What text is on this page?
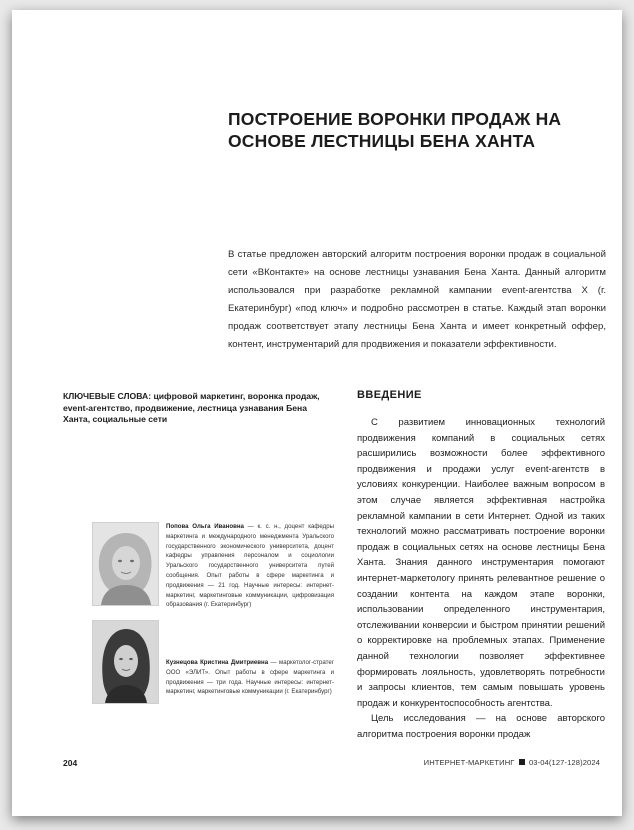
ПОСТРОЕНИЕ ВОРОНКИ ПРОДАЖ НА ОСНОВЕ ЛЕСТНИЦЫ БЕНА ХАНТА

В статье предложен авторский алгоритм построения воронки продаж в социальной сети «ВКонтакте» на основе лестницы узнавания Бена Ханта. Данный алгоритм использовался при разработке рекламной кампании event-агентства Х (г. Екатеринбург) «под ключ» и подробно рассмотрен в статье. Каждый этап воронки продаж соответствует этапу лестницы Бена Ханта и имеет конкретный оффер, контент, инструментарий для продвижения и показатели эффективности.

КЛЮЧЕВЫЕ СЛОВА: цифровой маркетинг, воронка продаж, event-агентство, продвижение, лестница узнавания Бена Ханта, социальные сети

ВВЕДЕНИЕ

С развитием инновационных технологий продвижения компаний в социальных сетях расширились возможности более эффективного продвижения и продажи услуг event-агентств в условиях конкуренции. Наиболее важным вопросом в этом случае является эффективная настройка рекламной кампании в сети Интернет. Одной из таких технологий можно рассматривать построение воронки продаж в социальных сетях на основе лестницы Бена Ханта. Знания данного инструментария помогают интернет-маркетологу принять релевантное решение о создании контента на каждом этапе воронки, использовании определенного инструментария, отслеживании конверсии и быстром принятии решений о корректировке на проблемных этапах. Применение данной технологии позволяет эффективнее формировать лояльность, удовлетворять потребности и запросы клиентов, тем самым повышать уровень продаж и конкурентоспособность агентства.

Цель исследования — на основе авторского алгоритма построения воронки продаж

Попова Ольга Ивановна — к. с. н., доцент кафедры маркетинга и международного менеджмента Уральского государственного экономического университета, доцент кафедры управления персоналом и социологии Уральского государственного университета путей сообщения. Опыт работы в сфере маркетинга и продвижения — 21 год. Научные интересы: интернет-маркетинг, маркетинговые коммуникации, цифровизация образования (г. Екатеринбург)

Кузнецова Кристина Дмитриевна — маркетолог-стратег ООО «ЭЛИТ». Опыт работы в сфере маркетинга и продвижения — три года. Научные интересы: интернет-маркетинг, маркетинговые коммуникации (г. Екатеринбург)

204	ИНТЕРНЕТ-МАРКЕТИНГ 03-04(127-128)2024
